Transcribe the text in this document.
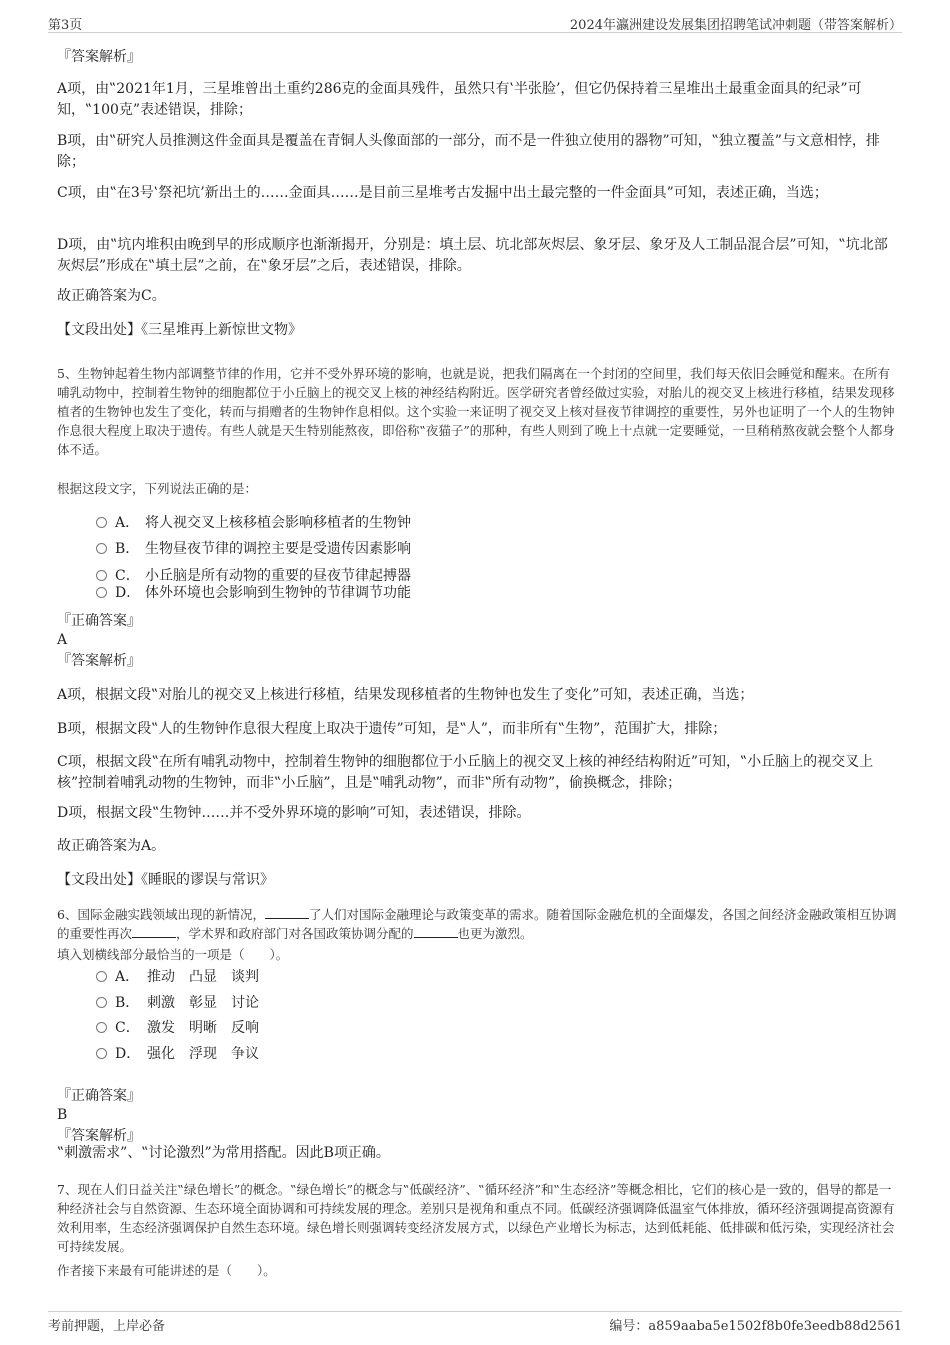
第3页	2024年瀛洲建设发展集团招聘笔试冲刺题（带答案解析）
『答案解析』
A项，由‟2021年1月，三星堆曾出土重约286克的金面具残件，虽然只有‛半张脸’，但它仍保持着三星堆出土最重金面具的纪录”可知，‟100克”表述错误，排除；
B项，由‟研究人员推测这件金面具是覆盖在青铜人头像面部的一部分，而不是一件独立使用的器物”可知，‟独立覆盖”与文意相悖，排除；
C项，由‟在3号‛祭祀坑’新出土的……金面具……是目前三星堆考古发掘中出土最完整的一件金面具”可知，表述正确，当选；
D项，由‟坑内堆积由晚到早的形成顺序也渐渐揭开，分别是：填土层、坑北部灰烬层、象牙层、象牙及人工制品混合层”可知，‟坑北部灰烬层”形成在‟填土层”之前，在‟象牙层”之后，表述错误，排除。
故正确答案为C。
【文段出处】《三星堆再上新惊世文物》
5、生物钟起着生物内部调整节律的作用，它并不受外界环境的影响，也就是说，把我们隔离在一个封闭的空间里，我们每天依旧会睡觉和醒来。在所有哺乳动物中，控制着生物钟的细胞都位于小丘脑上的视交叉上核的神经结构附近。医学研究者曾经做过实验，对胎儿的视交叉上核进行移植，结果发现移植者的生物钟也发生了变化，转而与捐赠者的生物钟作息相似。这个实验一来证明了视交叉上核对昼夜节律调控的重要性，另外也证明了一个人的生物钟作息很大程度上取决于遗传。有些人就是天生特别能熬夜，即俗称‟夜猫子”的那种，有些人则到了晚上十点就一定要睡觉，一旦稍稍熬夜就会整个人都身体不适。
根据这段文字，下列说法正确的是：
A． 将人视交叉上核移植会影响移植者的生物钟
B． 生物昼夜节律的调控主要是受遗传因素影响
C． 小丘脑是所有动物的重要的昼夜节律起搏器
D． 体外环境也会影响到生物钟的节律调节功能
『正确答案』
A
『答案解析』
A项，根据文段‟对胎儿的视交叉上核进行移植，结果发现移植者的生物钟也发生了变化”可知，表述正确，当选；
B项，根据文段‟人的生物钟作息很大程度上取决于遗传”可知，是‟人”，而非所有‟生物”，范围扩大，排除；
C项，根据文段‟在所有哺乳动物中，控制着生物钟的细胞都位于小丘脑上的视交叉上核的神经结构附近”可知，‟小丘脑上的视交叉上核”控制着哺乳动物的生物钟，而非‟小丘脑”，且是‟哺乳动物”，而非‟所有动物”，偷换概念，排除；
D项，根据文段‟生物钟……并不受外界环境的影响”可知，表述错误，排除。
故正确答案为A。
【文段出处】《睡眠的谬误与常识》
6、国际金融实践领域出现的新情况，	了人们对国际金融理论与政策变革的需求。随着国际金融危机的全面爆发，各国之间经济金融政策相互协调的重要性再次	，学术界和政府部门对各国政策协调分配的	也更为激烈。
填入划横线部分最恰当的一项是（　　）。
A． 推动　凸显　谈判
B． 刺激　彰显　讨论
C． 激发　明晰　反响
D． 强化　浮现　争议
『正确答案』
B
『答案解析』
‟刺激需求”、‟讨论激烈”为常用搭配。因此B项正确。
7、现在人们日益关注‟绿色增长”的概念。‟绿色增长”的概念与‟低碳经济”、‟循环经济”和‟生态经济”等概念相比，它们的核心是一致的，倡导的都是一种经济社会与自然资源、生态环境全面协调和可持续发展的理念。差别只是视角和重点不同。低碳经济强调降低温室气体排放，循环经济强调提高资源有效利用率，生态经济强调保护自然生态环境。绿色增长则强调转变经济发展方式，以绿色产业增长为标志，达到低耗能、低排碳和低污染，实现经济社会可持续发展。
作者接下来最有可能讲述的是（　　）。
考前押题，上岸必备	编号：a859aaba5e1502f8b0fe3eedb88d2561
